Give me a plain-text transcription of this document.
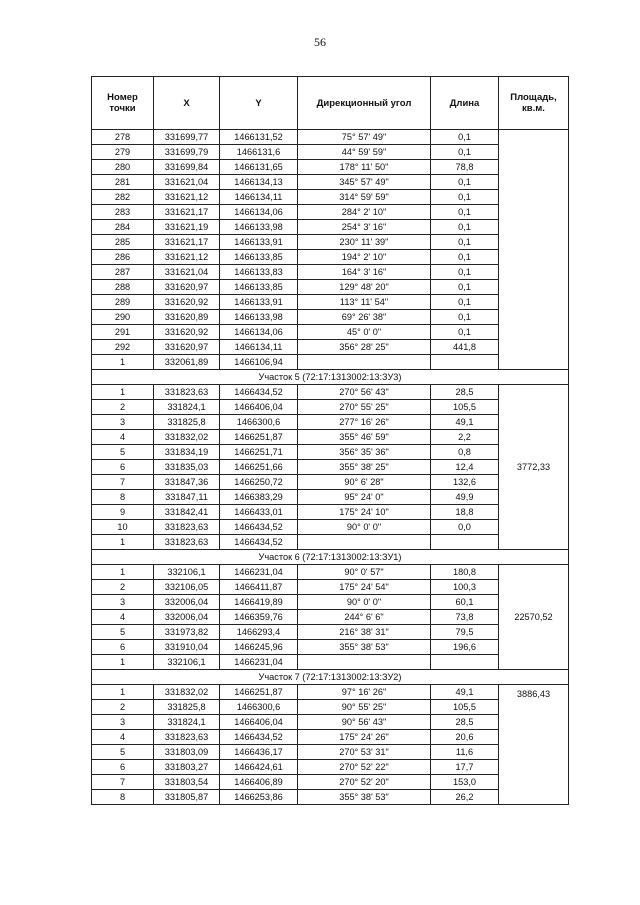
56
Номер точки	X	Y	Дирекционный угол	Длина	Площадь, кв.м.
278	331699,77	1466131,52	75° 57' 49"	0,1	
279	331699,79	1466131,6	44° 59' 59"	0,1	
280	331699,84	1466131,65	178° 11' 50"	78,8	
281	331621,04	1466134,13	345° 57' 49"	0,1	
282	331621,12	1466134,11	314° 59' 59"	0,1	
283	331621,17	1466134,06	284° 2' 10"	0,1	
284	331621,19	1466133,98	254° 3' 16"	0,1	
285	331621,17	1466133,91	230° 11' 39"	0,1	
286	331621,12	1466133,85	194° 2' 10"	0,1	
287	331621,04	1466133,83	164° 3' 16"	0,1	
288	331620,97	1466133,85	129° 48' 20"	0,1	
289	331620,92	1466133,91	113° 11' 54"	0,1	
290	331620,89	1466133,98	69° 26' 38"	0,1	
291	331620,92	1466134,06	45° 0' 0"	0,1	
292	331620,97	1466134,11	356° 28' 25"	441,8	
1	332061,89	1466106,94			
Участок 5 (72:17:1313002:13:ЗУ3)					
1	331823,63	1466434,52	270° 56' 43"	28,5	3772,33
2	331824,1	1466406,04	270° 55' 25"	105,5	
3	331825,8	1466300,6	277° 16' 26"	49,1	
4	331832,02	1466251,87	355° 46' 59"	2,2	
5	331834,19	1466251,71	356° 35' 36"	0,8	
6	331835,03	1466251,66	355° 38' 25"	12,4	
7	331847,36	1466250,72	90° 6' 28"	132,6	
8	331847,11	1466383,29	95° 24' 0"	49,9	
9	331842,41	1466433,01	175° 24' 10"	18,8	
10	331823,63	1466434,52	90° 0' 0"	0,0	
1	331823,63	1466434,52			
Участок 6 (72:17:1313002:13:ЗУ1)					
1	332106,1	1466231,04	90° 0' 57"	180,8	22570,52
2	332106,05	1466411,87	175° 24' 54"	100,3	
3	332006,04	1466419,89	90° 0' 0"	60,1	
4	332006,04	1466359,76	244° 6' 6"	73,8	
5	331973,82	1466293,4	216° 38' 31"	79,5	
6	331910,04	1466245,96	355° 38' 53"	196,6	
1	332106,1	1466231,04			
Участок 7 (72:17:1313002:13:ЗУ2)					
1	331832,02	1466251,87	97° 16' 26"	49,1	3886,43
2	331825,8	1466300,6	90° 55' 25"	105,5	
3	331824,1	1466406,04	90° 56' 43"	28,5	
4	331823,63	1466434,52	175° 24' 26"	20,6	
5	331803,09	1466436,17	270° 53' 31"	11,6	
6	331803,27	1466424,61	270° 52' 22"	17,7	
7	331803,54	1466406,89	270° 52' 20"	153,0	
8	331805,87	1466253,86	355° 38' 53"	26,2	
